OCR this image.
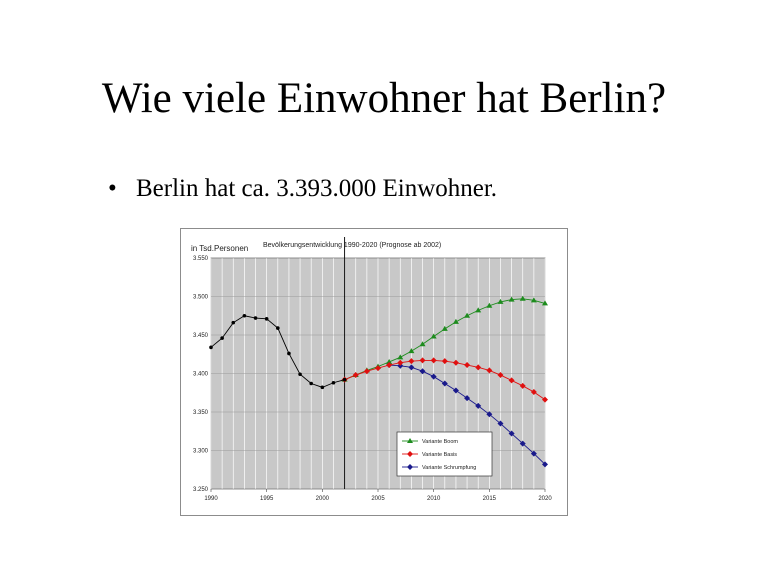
Wie viele Einwohner hat Berlin?
• Berlin hat ca. 3.393.000 Einwohner.
in Tsd.Personen Bevölkerungsentwicklung 1990-2020 (Prognose ab 2002)
3.250
3.300
3.350
3.400
3.450
3.500
3.550
1990	1995	2000	2005	2010	2015	2020
Variante Boom
Variante Basis
Variante Schrumpfung
